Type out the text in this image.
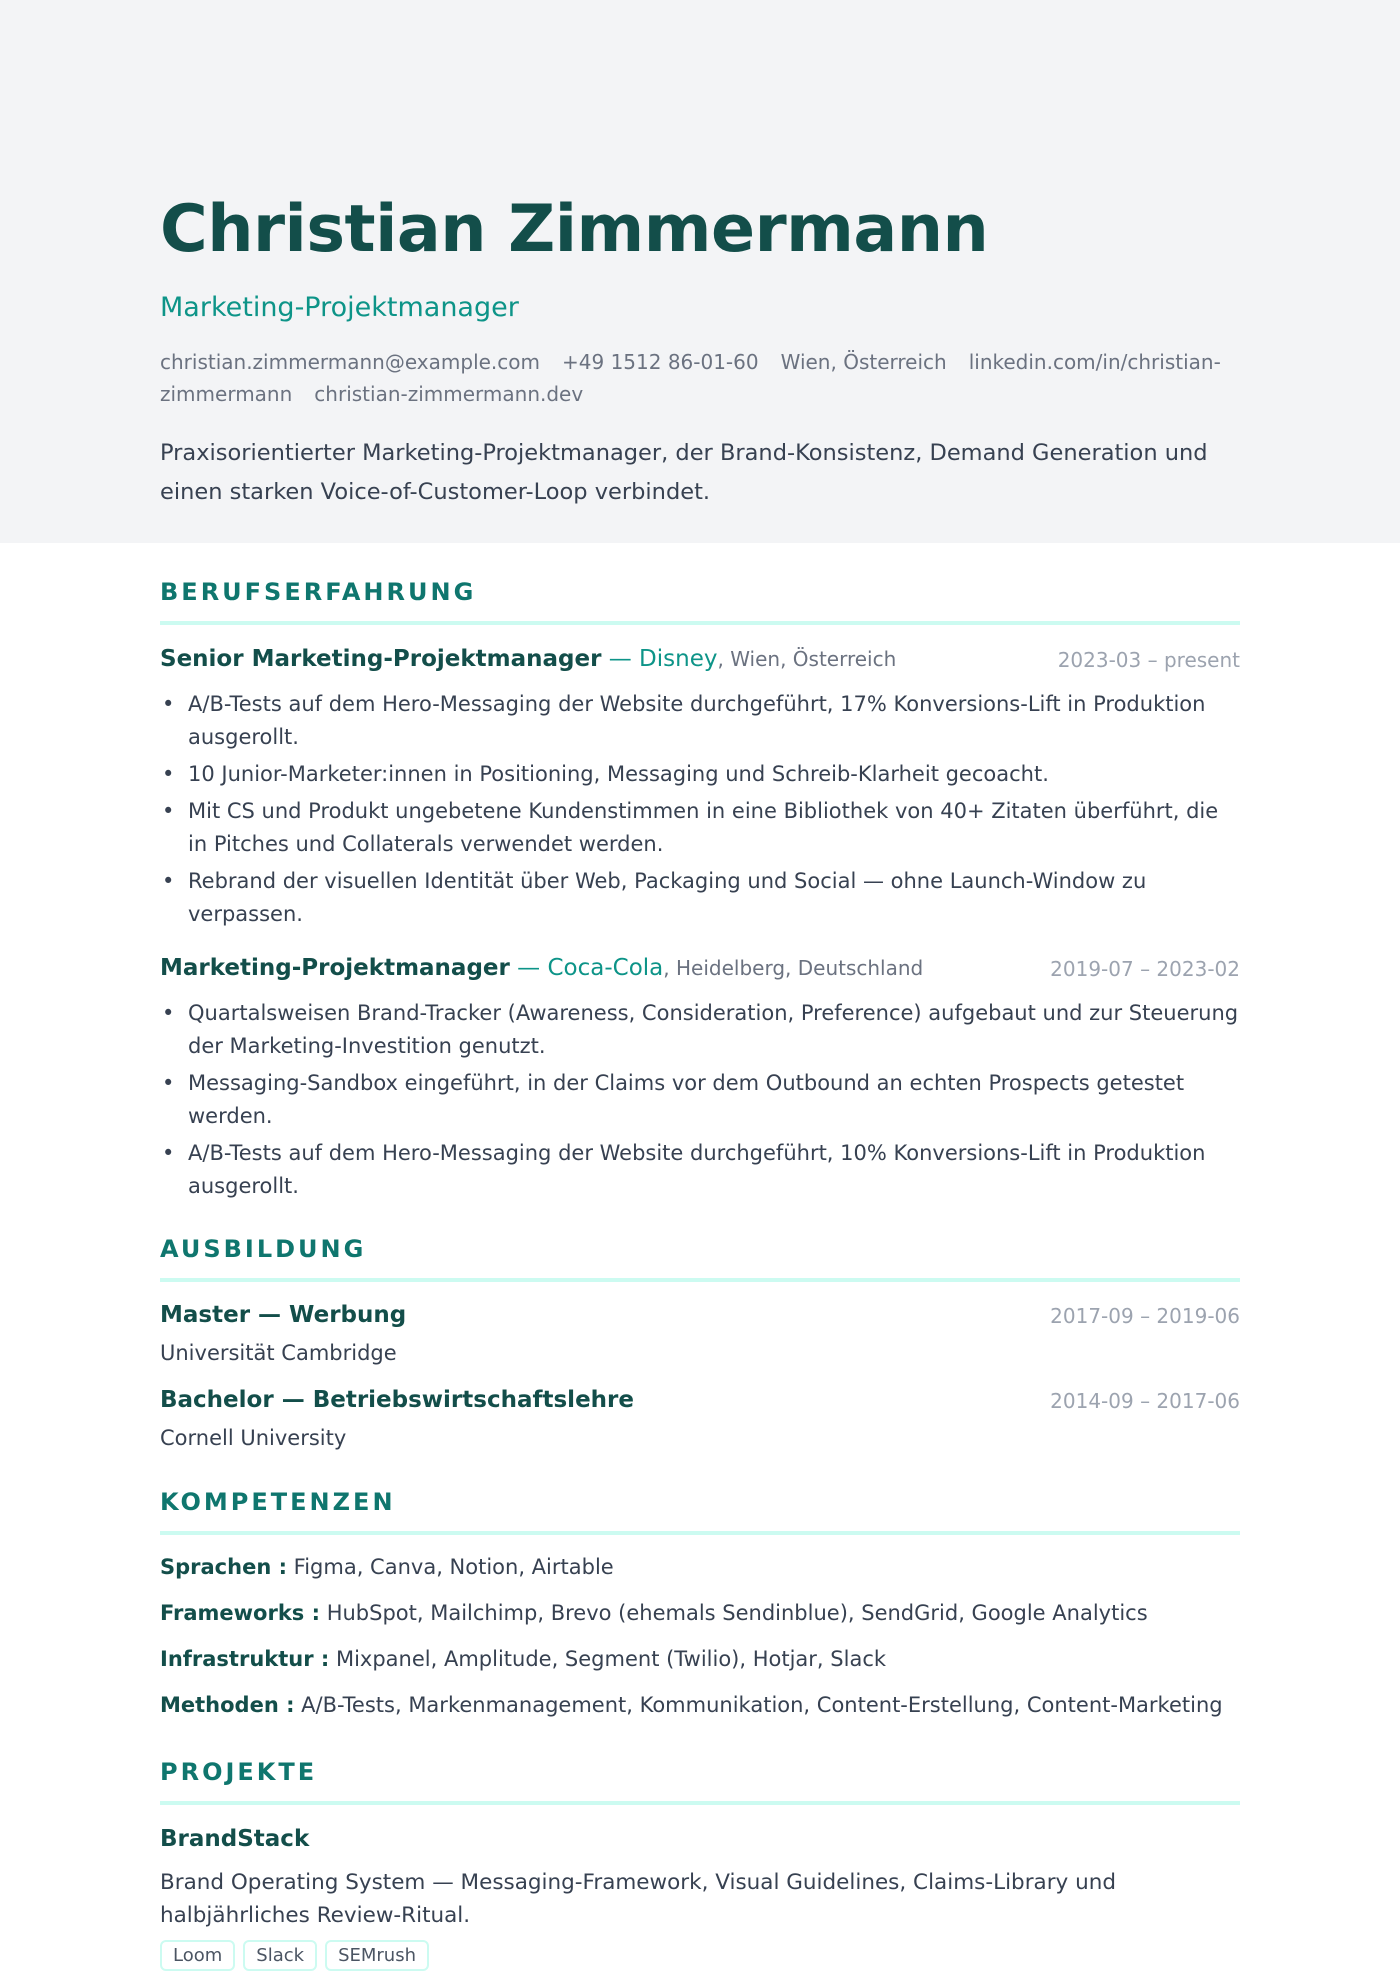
Christian Zimmermann
Marketing-Projektmanager
christian.zimmermann@example.com +49 1512 86-01-60 Wien, Österreich linkedin.com/in/christian-zimmermann christian-zimmermann.dev
Praxisorientierter Marketing-Projektmanager, der Brand-Konsistenz, Demand Generation und einen starken Voice-of-Customer-Loop verbindet.
BERUFSERFAHRUNG
Senior Marketing-Projektmanager — Disney, Wien, Österreich	2023-03 – present
• A/B-Tests auf dem Hero-Messaging der Website durchgeführt, 17% Konversions-Lift in Produktion ausgerollt.
• 10 Junior-Marketer:innen in Positioning, Messaging und Schreib-Klarheit gecoacht.
• Mit CS und Produkt ungebetene Kundenstimmen in eine Bibliothek von 40+ Zitaten überführt, die in Pitches und Collaterals verwendet werden.
• Rebrand der visuellen Identität über Web, Packaging und Social — ohne Launch-Window zu verpassen.
Marketing-Projektmanager — Coca-Cola, Heidelberg, Deutschland	2019-07 – 2023-02
• Quartalsweisen Brand-Tracker (Awareness, Consideration, Preference) aufgebaut und zur Steuerung der Marketing-Investition genutzt.
• Messaging-Sandbox eingeführt, in der Claims vor dem Outbound an echten Prospects getestet werden.
• A/B-Tests auf dem Hero-Messaging der Website durchgeführt, 10% Konversions-Lift in Produktion ausgerollt.
AUSBILDUNG
Master — Werbung	2017-09 – 2019-06
Universität Cambridge
Bachelor — Betriebswirtschaftslehre	2014-09 – 2017-06
Cornell University
KOMPETENZEN
Sprachen : Figma, Canva, Notion, Airtable
Frameworks : HubSpot, Mailchimp, Brevo (ehemals Sendinblue), SendGrid, Google Analytics
Infrastruktur : Mixpanel, Amplitude, Segment (Twilio), Hotjar, Slack
Methoden : A/B-Tests, Markenmanagement, Kommunikation, Content-Erstellung, Content-Marketing
PROJEKTE
BrandStack
Brand Operating System — Messaging-Framework, Visual Guidelines, Claims-Library und halbjährliches Review-Ritual.
Loom	Slack	SEMrush
